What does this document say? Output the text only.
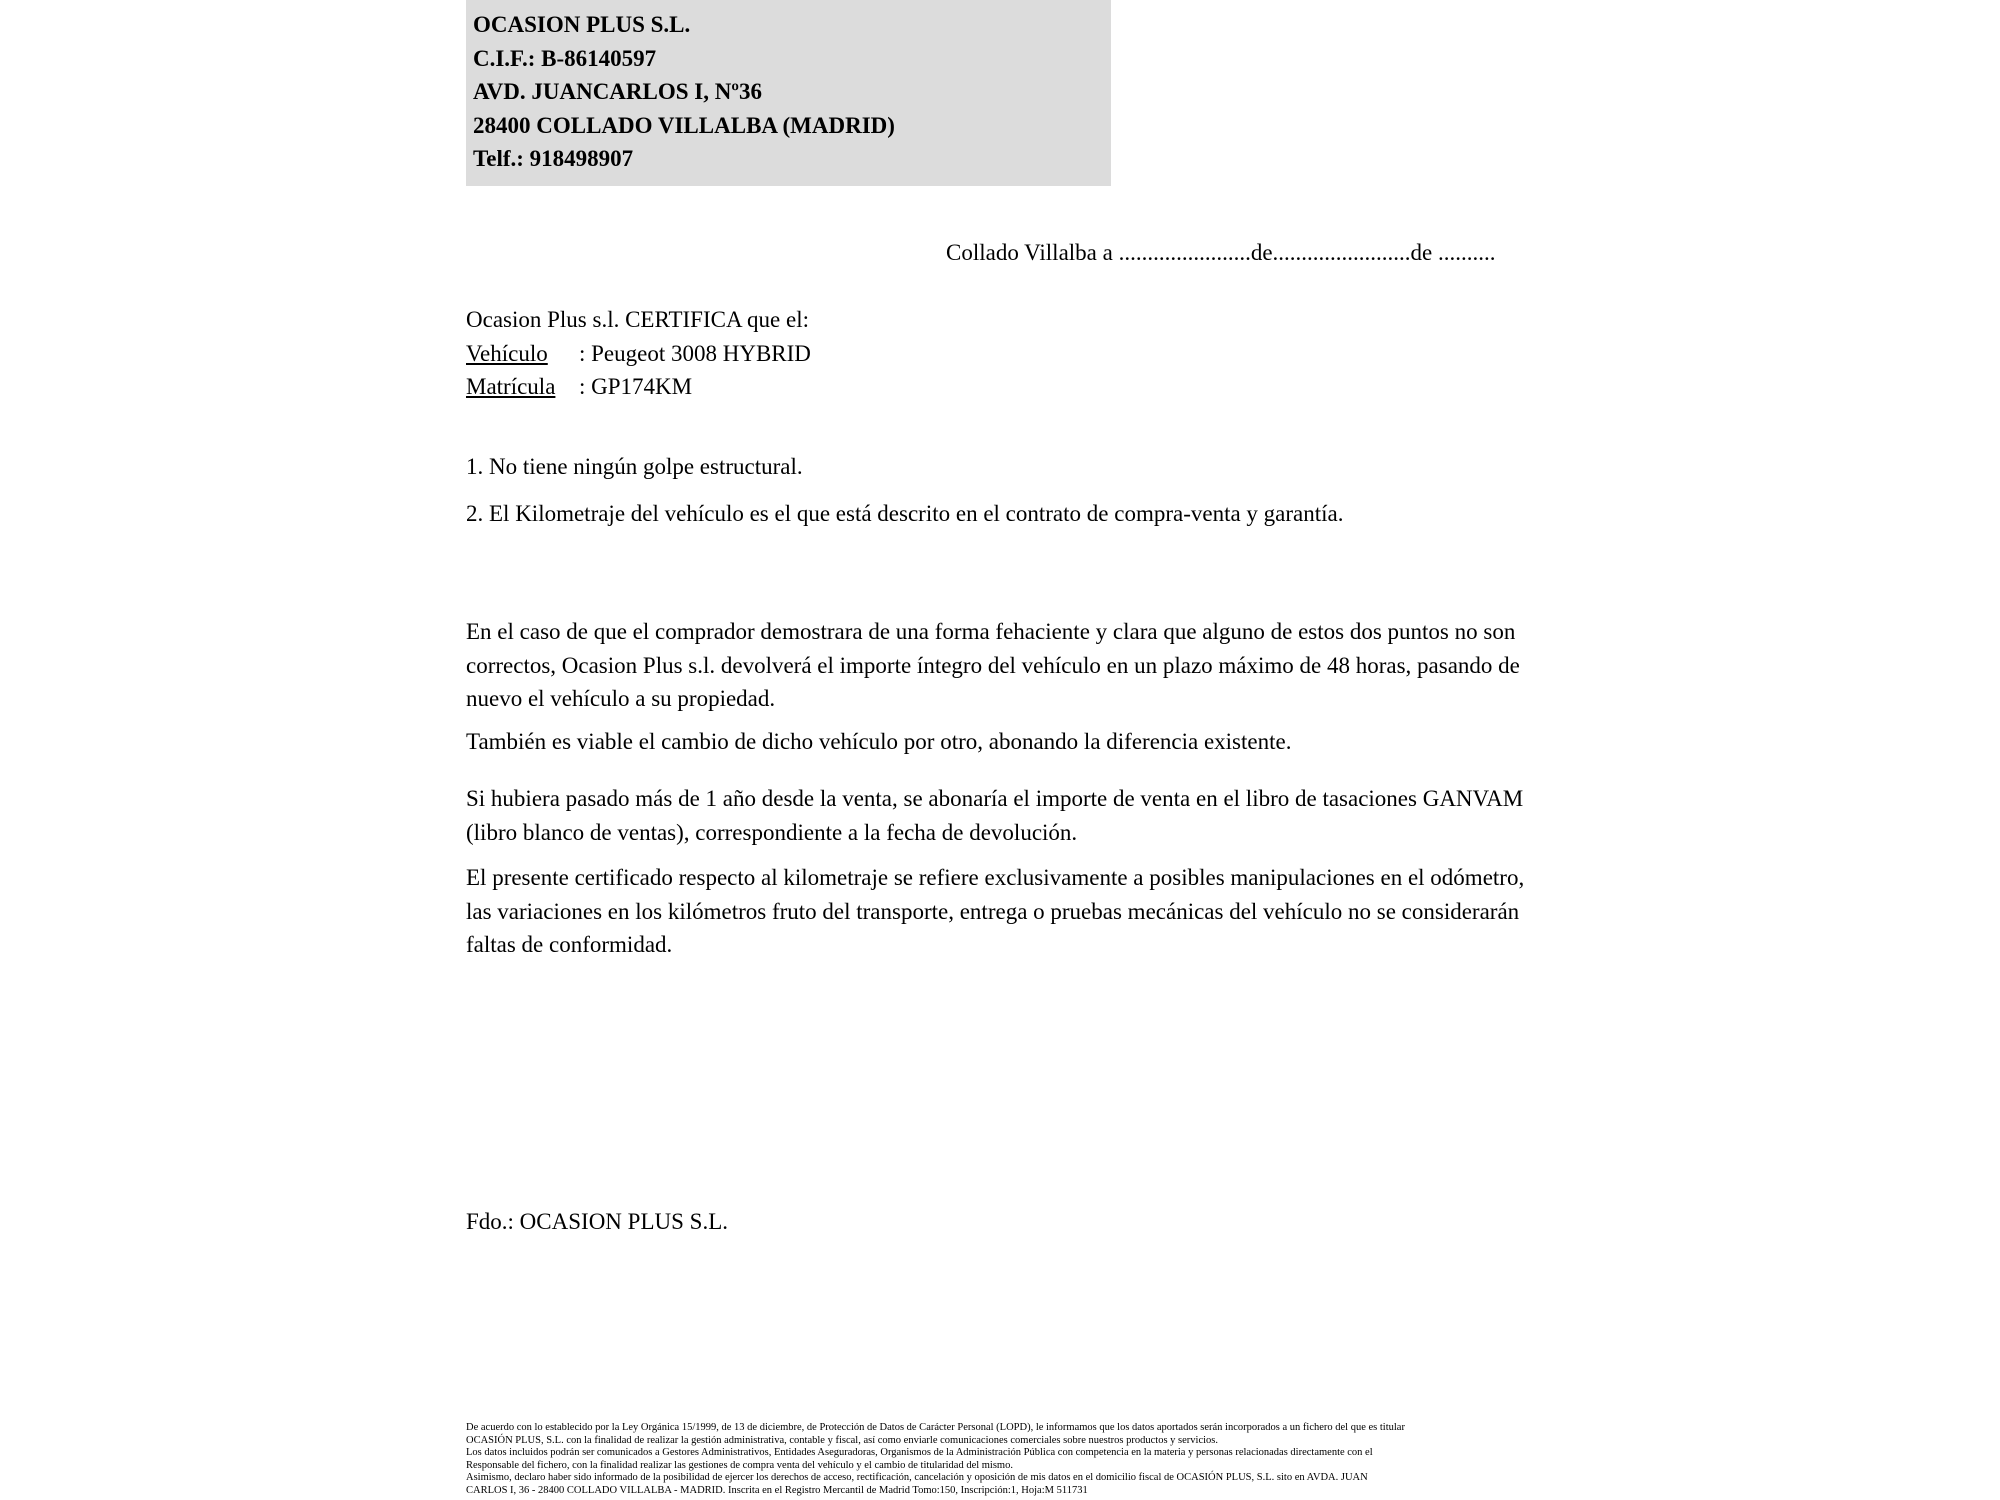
OCASION PLUS S.L.
C.I.F.: B-86140597
AVD. JUANCARLOS I, Nº36
28400 COLLADO VILLALBA (MADRID)
Telf.: 918498907
Collado Villalba a .......................de........................de ..........
Ocasion Plus s.l. CERTIFICA que el:
Vehículo : Peugeot 3008 HYBRID
Matrícula : GP174KM
1. No tiene ningún golpe estructural.
2. El Kilometraje del vehículo es el que está descrito en el contrato de compra-venta y garantía.
En el caso de que el comprador demostrara de una forma fehaciente y clara que alguno de estos dos puntos no son correctos, Ocasion Plus s.l. devolverá el importe íntegro del vehículo en un plazo máximo de 48 horas, pasando de nuevo el vehículo a su propiedad.
También es viable el cambio de dicho vehículo por otro, abonando la diferencia existente.
Si hubiera pasado más de 1 año desde la venta, se abonaría el importe de venta en el libro de tasaciones GANVAM (libro blanco de ventas), correspondiente a la fecha de devolución.
El presente certificado respecto al kilometraje se refiere exclusivamente a posibles manipulaciones en el odómetro, las variaciones en los kilómetros fruto del transporte, entrega o pruebas mecánicas del vehículo no se considerarán faltas de conformidad.
Fdo.: OCASION PLUS S.L.
De acuerdo con lo establecido por la Ley Orgánica 15/1999, de 13 de diciembre, de Protección de Datos de Carácter Personal (LOPD), le informamos que los datos aportados serán incorporados a un fichero del que es titular
OCASIÓN PLUS, S.L. con la finalidad de realizar la gestión administrativa, contable y fiscal, así como enviarle comunicaciones comerciales sobre nuestros productos y servicios.
Los datos incluidos podrán ser comunicados a Gestores Administrativos, Entidades Aseguradoras, Organismos de la Administración Pública con competencia en la materia y personas relacionadas directamente con el
Responsable del fichero, con la finalidad realizar las gestiones de compra venta del vehículo y el cambio de titularidad del mismo.
Asimismo, declaro haber sido informado de la posibilidad de ejercer los derechos de acceso, rectificación, cancelación y oposición de mis datos en el domicilio fiscal de OCASIÓN PLUS, S.L. sito en AVDA. JUAN
CARLOS I, 36 - 28400 COLLADO VILLALBA - MADRID. Inscrita en el Registro Mercantil de Madrid Tomo:150, Inscripción:1, Hoja:M 511731
